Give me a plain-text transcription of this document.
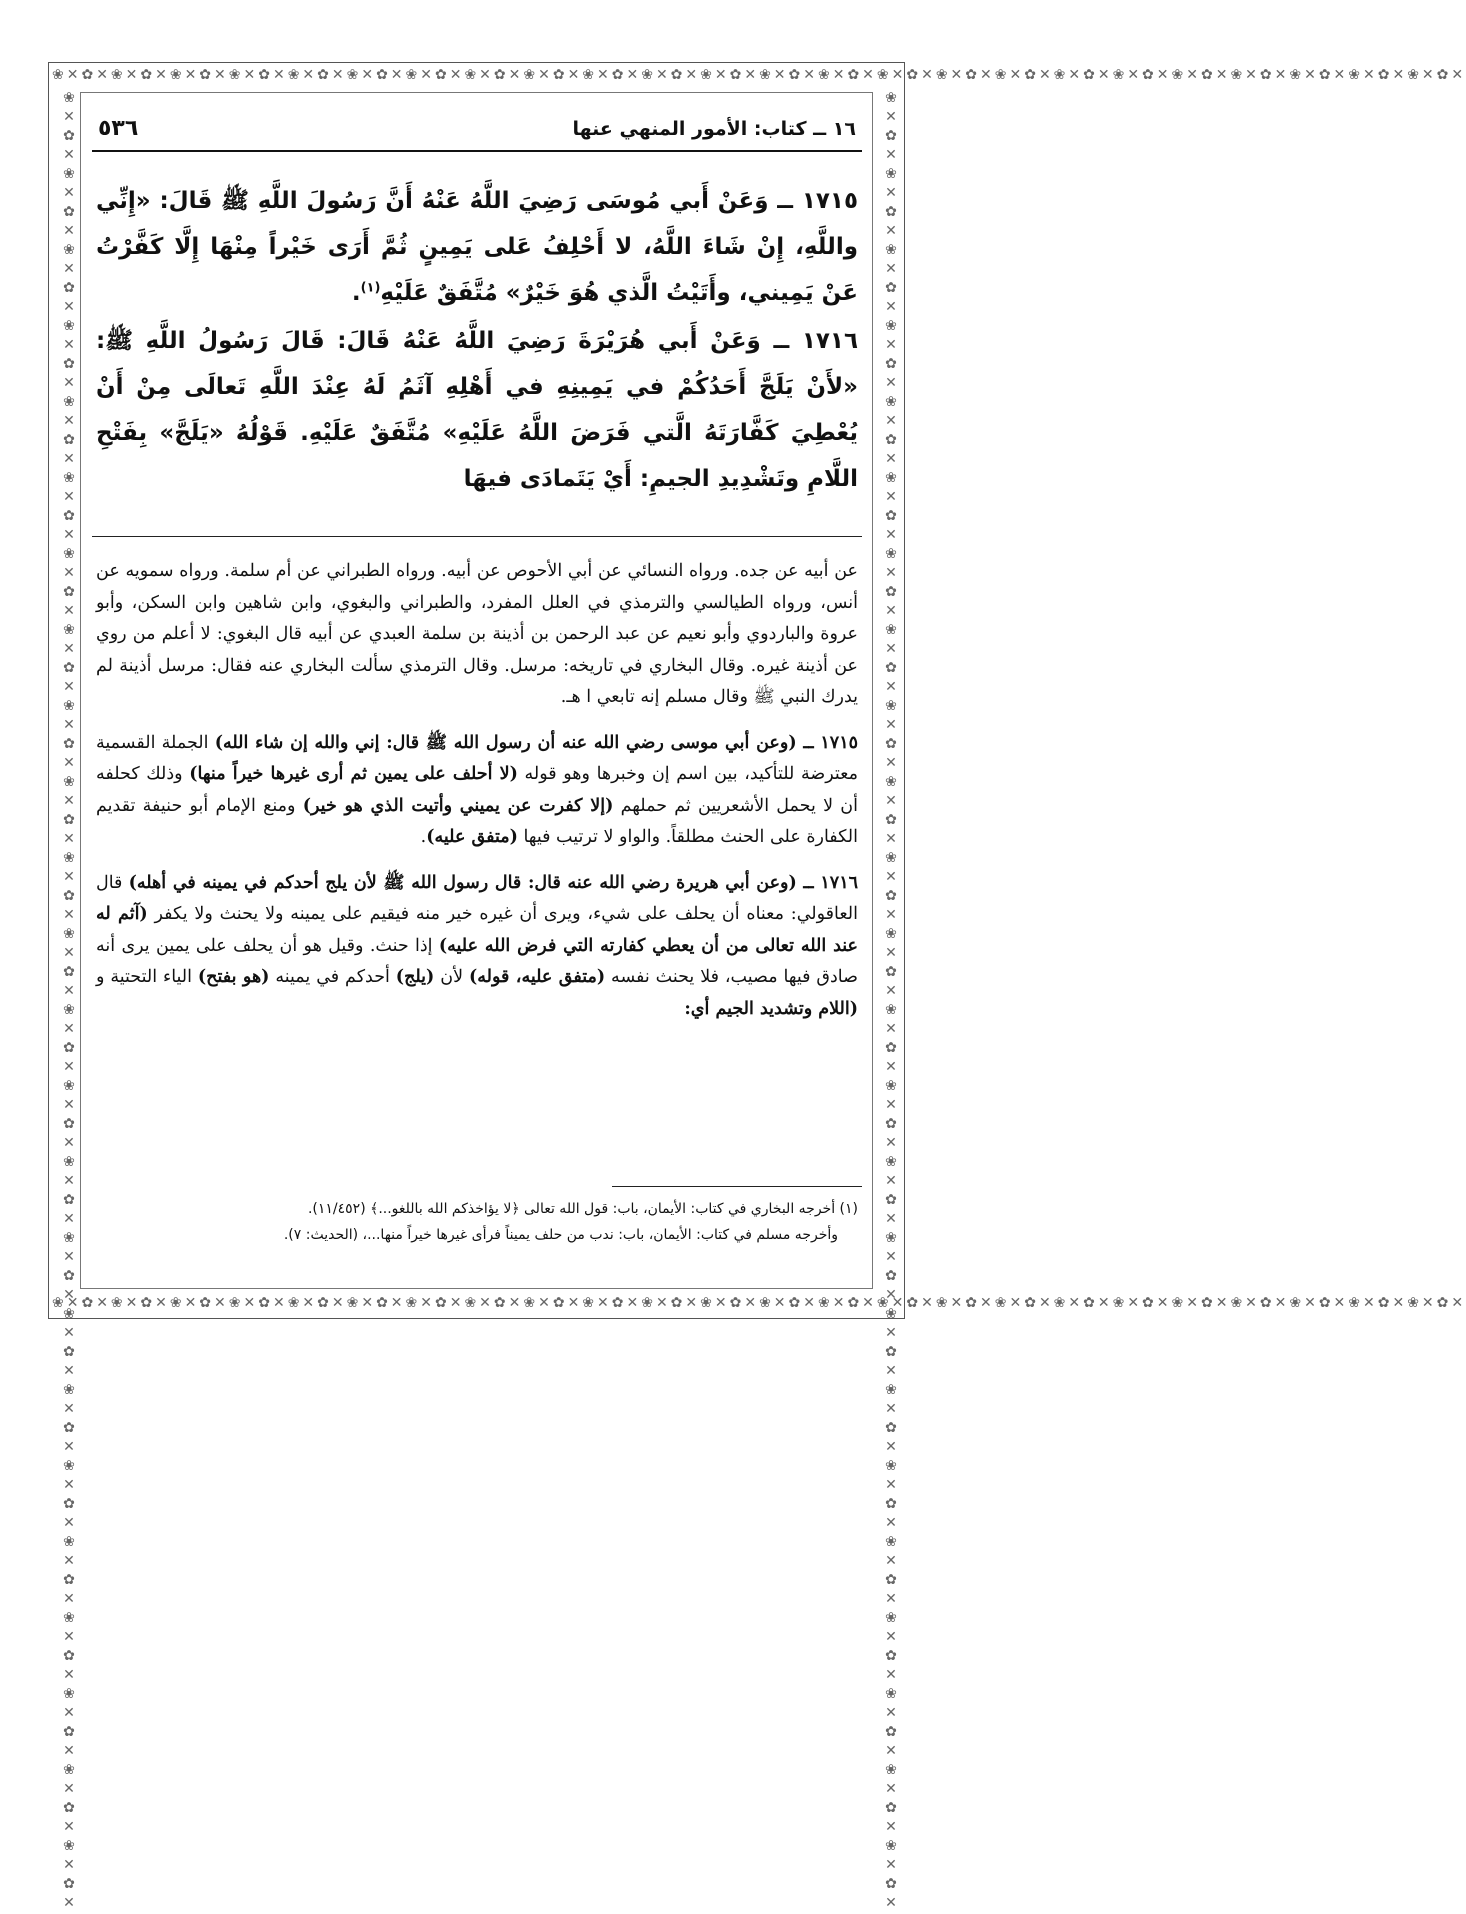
❀✕✿✕❀✕✿✕❀✕✿✕❀✕✿✕❀✕✿✕❀✕✿✕❀✕✿✕❀✕✿✕❀✕✿✕❀✕✿✕❀✕✿✕❀✕✿✕❀✕✿✕❀✕✿✕❀✕✿✕❀✕✿✕❀✕✿✕❀✕✿✕❀✕✿✕❀✕✿✕❀✕✿✕❀✕✿✕❀✕✿✕❀✕✿✕
❀✕✿✕❀✕✿✕❀✕✿✕❀✕✿✕❀✕✿✕❀✕✿✕❀✕✿✕❀✕✿✕❀✕✿✕❀✕✿✕❀✕✿✕❀✕✿✕❀✕✿✕❀✕✿✕❀✕✿✕❀✕✿✕❀✕✿✕❀✕✿✕❀✕✿✕❀✕✿✕❀✕✿✕❀✕✿✕❀✕✿✕❀✕✿✕
❀✕✿✕❀✕✿✕❀✕✿✕❀✕✿✕❀✕✿✕❀✕✿✕❀✕✿✕❀✕✿✕❀✕✿✕❀✕✿✕❀✕✿✕❀✕✿✕❀✕✿✕❀✕✿✕❀✕✿✕❀✕✿✕❀✕✿✕❀✕✿✕❀✕✿✕❀✕✿✕❀✕✿✕❀✕✿✕❀✕✿✕❀✕✿✕	❀✕✿✕❀✕✿✕❀✕✿✕❀✕✿✕❀✕✿✕❀✕✿✕❀✕✿✕❀✕✿✕❀✕✿✕❀✕✿✕❀✕✿✕❀✕✿✕❀✕✿✕❀✕✿✕❀✕✿✕❀✕✿✕❀✕✿✕❀✕✿✕❀✕✿✕❀✕✿✕❀✕✿✕❀✕✿✕❀✕✿✕❀✕✿✕
١٦ ــ كتاب: الأمور المنهي عنها
٥٣٦

١٧١٥ ــ وَعَنْ أَبي مُوسَى رَضِيَ اللَّهُ عَنْهُ أَنَّ رَسُولَ اللَّهِ ﷺ قَالَ: «إِنِّي واللَّهِ، إِنْ شَاءَ اللَّهُ، لا أَحْلِفُ عَلى يَمِينٍ ثُمَّ أَرَى خَيْراً مِنْهَا إِلَّا كَفَّرْتُ عَنْ يَمِيني، وأَتَيْتُ الَّذي هُوَ خَيْرٌ» مُتَّفَقٌ عَلَيْهِ$^{(١)}$.

١٧١٦ ــ وَعَنْ أَبي هُرَيْرَةَ رَضِيَ اللَّهُ عَنْهُ قَالَ: قَالَ رَسُولُ اللَّهِ ﷺ: «لأَنْ يَلَجَّ أَحَدُكُمْ في يَمِينِهِ في أَهْلِهِ آثَمُ لَهُ عِنْدَ اللَّهِ تَعالَى مِنْ أَنْ يُعْطِيَ كَفَّارَتَهُ الَّتي فَرَضَ اللَّهُ عَلَيْهِ» مُتَّفَقٌ عَلَيْهِ. قَوْلُهُ «يَلَجَّ» بِفَتْحِ اللَّامِ وتَشْدِيدِ الجيمِ: أَيْ يَتَمادَى فيهَا

عن أبيه عن جده. ورواه النسائي عن أبي الأحوص عن أبيه. ورواه الطبراني عن أم سلمة. ورواه سمويه عن أنس، ورواه الطيالسي والترمذي في العلل المفرد، والطبراني والبغوي، وابن شاهين وابن السكن، وأبو عروة والباردوي وأبو نعيم عن عبد الرحمن بن أذينة بن سلمة العبدي عن أبيه قال البغوي: لا أعلم من روي عن أذينة غيره. وقال البخاري في تاريخه: مرسل. وقال الترمذي سألت البخاري عنه فقال: مرسل أذينة لم يدرك النبي ﷺ وقال مسلم إنه تابعي ا هـ.

١٧١٥ ــ (وعن أبي موسى رضي الله عنه أن رسول الله ﷺ قال: إني والله إن شاء الله) الجملة القسمية معترضة للتأكيد، بين اسم إن وخبرها وهو قوله (لا أحلف على يمين ثم أرى غيرها خيراً منها) وذلك كحلفه أن لا يحمل الأشعريين ثم حملهم (إلا كفرت عن يميني وأتيت الذي هو خير) ومنع الإمام أبو حنيفة تقديم الكفارة على الحنث مطلقاً. والواو لا ترتيب فيها (متفق عليه).

١٧١٦ ــ (وعن أبي هريرة رضي الله عنه قال: قال رسول الله ﷺ لأن يلج أحدكم في يمينه في أهله) قال العاقولي: معناه أن يحلف على شيء، ويرى أن غيره خير منه فيقيم على يمينه ولا يحنث ولا يكفر (آثم له عند الله تعالى من أن يعطي كفارته التي فرض الله عليه) إذا حنث. وقيل هو أن يحلف على يمين يرى أنه صادق فيها مصيب، فلا يحنث نفسه (متفق عليه، قوله) لأن (يلج) أحدكم في يمينه (هو بفتح) الياء التحتية و (اللام وتشديد الجيم أي:

(١) أخرجه البخاري في كتاب: الأيمان، باب: قول الله تعالى ﴿لا يؤاخذكم الله باللغو...﴾ (١١/٤٥٢).

وأخرجه مسلم في كتاب: الأيمان، باب: ندب من حلف يميناً فرأى غيرها خيراً منها...، (الحديث: ٧).
